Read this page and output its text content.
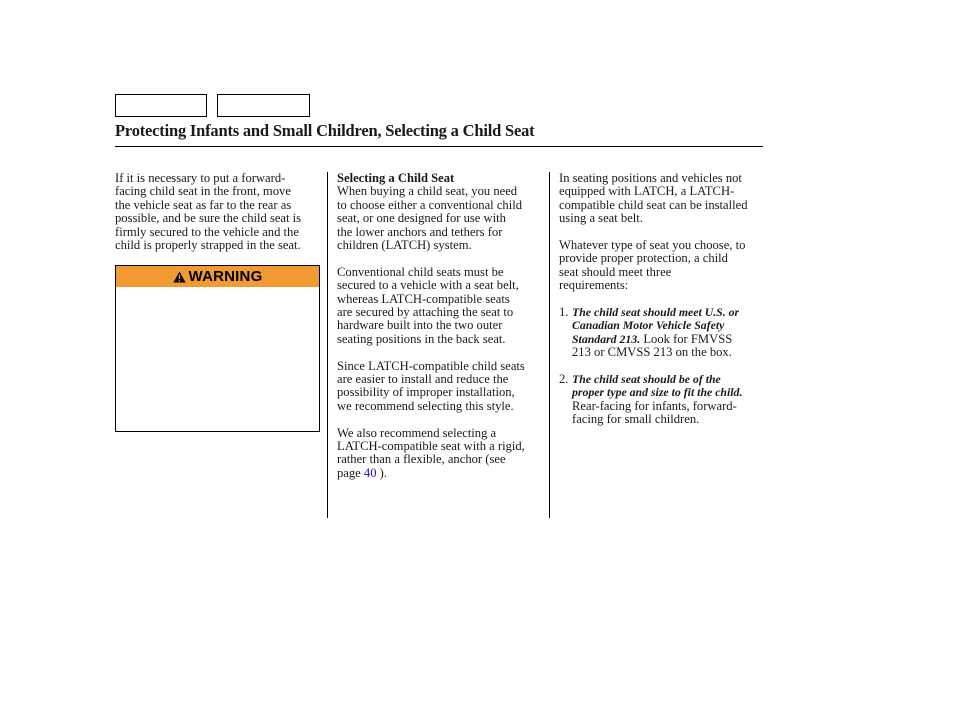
Protecting Infants and Small Children, Selecting a Child Seat

If it is necessary to put a forward-
facing child seat in the front, move
the vehicle seat as far to the rear as
possible, and be sure the child seat is
firmly secured to the vehicle and the
child is properly strapped in the seat.

WARNING

Selecting a Child Seat

When buying a child seat, you need
to choose either a conventional child
seat, or one designed for use with
the lower anchors and tethers for
children (LATCH) system.

Conventional child seats must be
secured to a vehicle with a seat belt,
whereas LATCH-compatible seats
are secured by attaching the seat to
hardware built into the two outer
seating positions in the back seat.

Since LATCH-compatible child seats
are easier to install and reduce the
possibility of improper installation,
we recommend selecting this style.

We also recommend selecting a
LATCH-compatible seat with a rigid,
rather than a flexible, anchor (see
page 40 ).

In seating positions and vehicles not
equipped with LATCH, a LATCH-
compatible child seat can be installed
using a seat belt.

Whatever type of seat you choose, to
provide proper protection, a child
seat should meet three
requirements:

1. The child seat should meet U.S. or
Canadian Motor Vehicle Safety
Standard 213. Look for FMVSS
213 or CMVSS 213 on the box.
2. The child seat should be of the
proper type and size to fit the child.
Rear-facing for infants, forward-
facing for small children.
